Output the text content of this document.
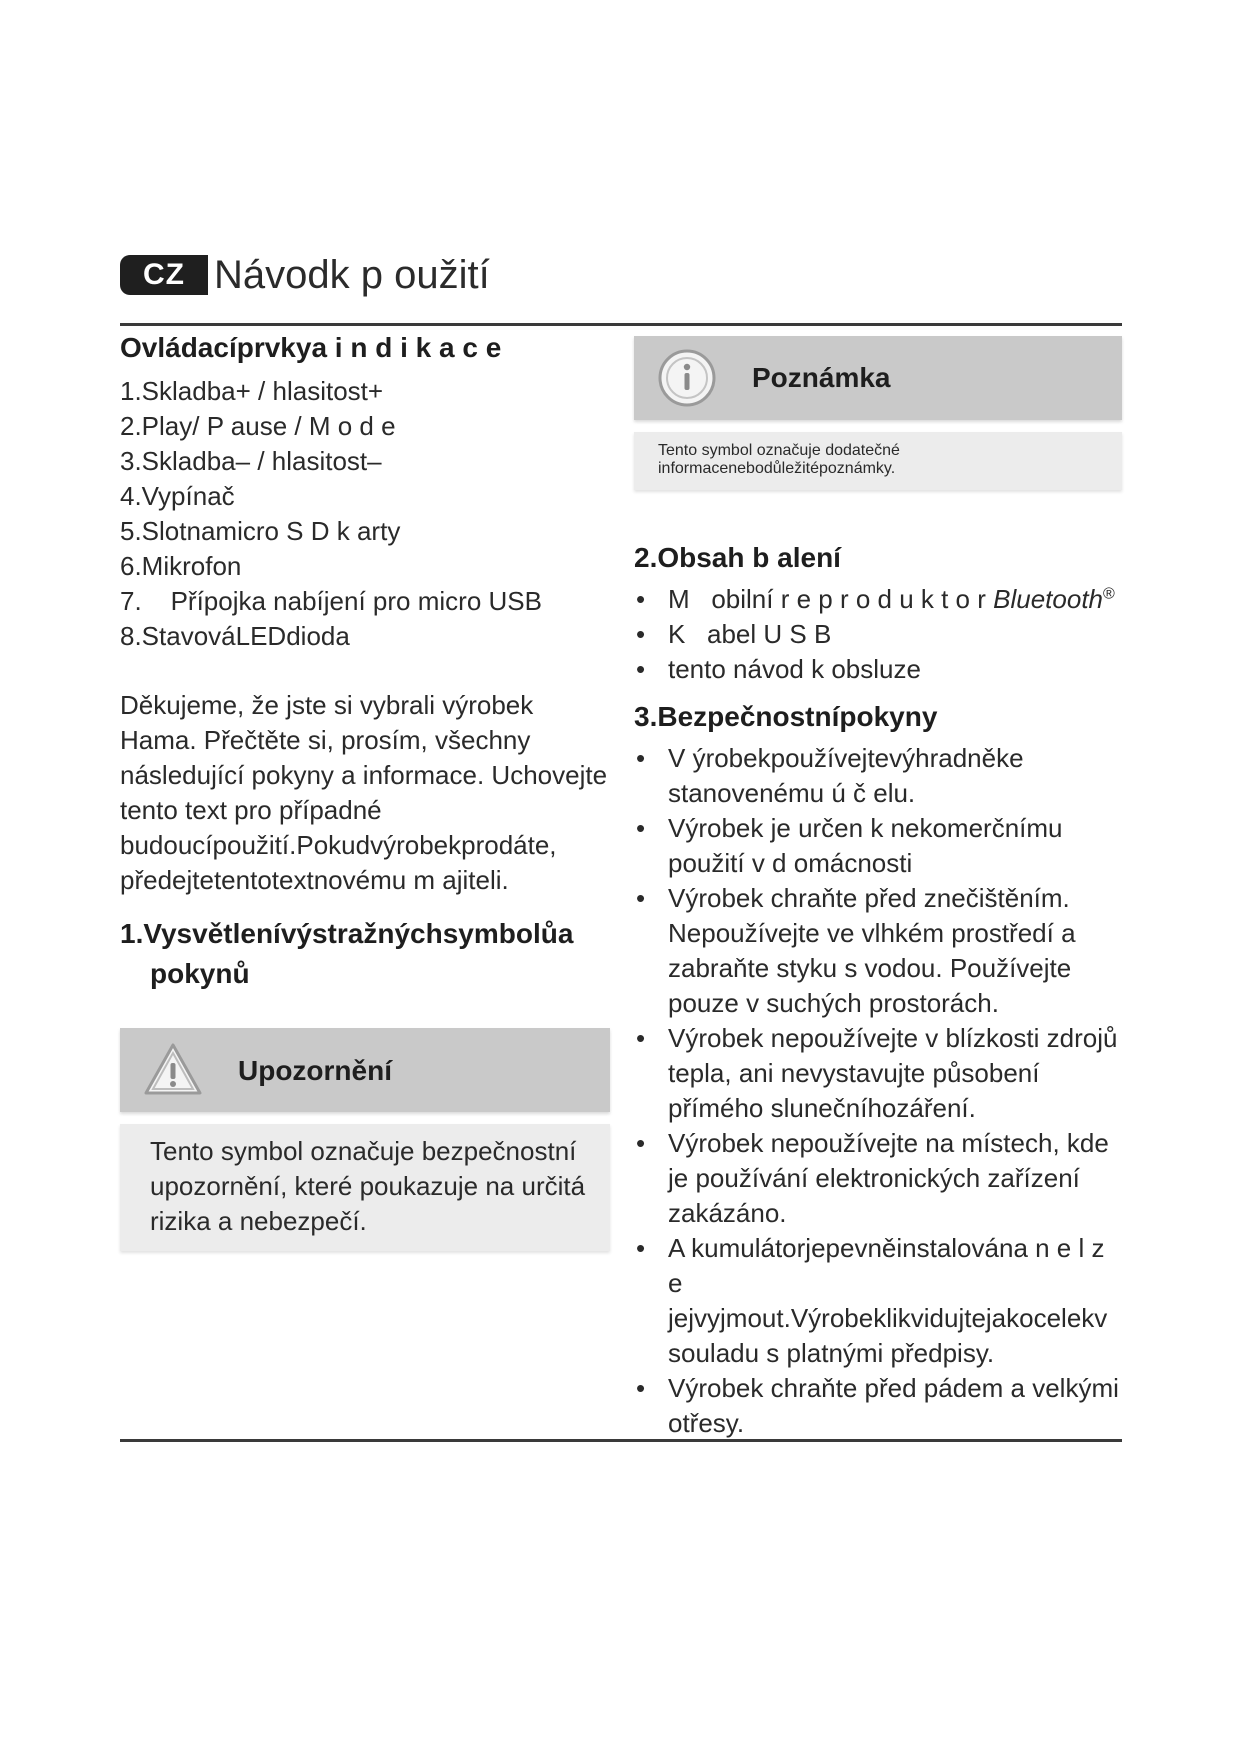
CZ Návodk p oužití
Ovládacíprvkya i n d i k a c e
1.Skladba+ / hlasitost+
2.Play/ P ause / M o d e
3.Skladba– / hlasitost–
4.Vypínač
5.Slotnamicro S D k arty
6.Mikrofon
7.    Přípojka nabíjení pro micro USB
8.StavováLEDdioda

Děkujeme, že jste si vybrali výrobek Hama. Přečtěte si, prosím, všechny následující pokyny a informace. Uchovejte tento text pro případné budoucípoužití.Pokudvýrobekprodáte, předejtetentotextnovému m ajiteli.

1.Vysvětlenívýstražnýchsymbolůa pokynů
Upozornění
Tento symbol označuje bezpečnostní upozornění, které poukazuje na určitá rizika a nebezpečí.
Poznámka
Tento symbol označuje dodatečné informacenebodůležitépoznámky.
2.Obsah b alení
• M   obilní r e p r o d u k t o r Bluetooth®
• K   abel U S B
• tento návod k obsluze
3.Bezpečnostnípokyny
• V ýrobekpoužívejtevýhradněke stanovenému ú č elu.
• Výrobek je určen k nekomerčnímu použití v d omácnosti
• Výrobek chraňte před znečištěním. Nepoužívejte ve vlhkém prostředí a zabraňte styku s vodou. Používejte pouze v suchých prostorách.
• Výrobek nepoužívejte v blízkosti zdrojů tepla, ani nevystavujte působení přímého slunečníhozáření.
• Výrobek nepoužívejte na místech, kde je používání elektronických zařízení zakázáno.
• A kumulátorjepevněinstalována n e l z e jejvyjmout.Výrobeklikvidujtejakocelekv souladu s platnými předpisy.
• Výrobek chraňte před pádem a velkými otřesy.
